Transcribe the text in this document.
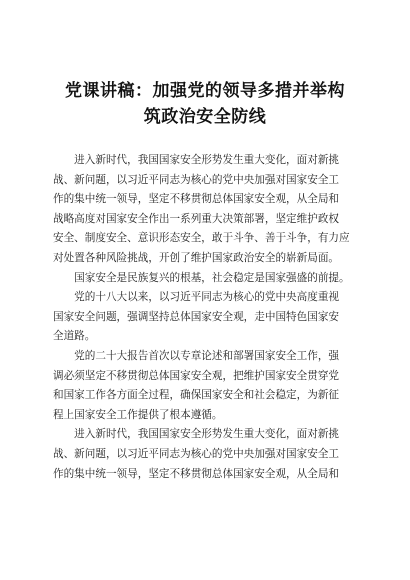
党课讲稿：加强党的领导多措并举构
筑政治安全防线

　　进入新时代，我国国家安全形势发生重大变化，面对新挑
战、新问题，以习近平同志为核心的党中央加强对国家安全工
作的集中统一领导，坚定不移贯彻总体国家安全观，从全局和
战略高度对国家安全作出一系列重大决策部署，坚定维护政权
安全、制度安全、意识形态安全，敢于斗争、善于斗争，有力应
对处置各种风险挑战，开创了维护国家政治安全的崭新局面。

　　国家安全是民族复兴的根基，社会稳定是国家强盛的前提。

　　党的十八大以来，以习近平同志为核心的党中央高度重视
国家安全问题，强调坚持总体国家安全观，走中国特色国家安
全道路。

　　党的二十大报告首次以专章论述和部署国家安全工作，强
调必须坚定不移贯彻总体国家安全观，把维护国家安全贯穿党
和国家工作各方面全过程，确保国家安全和社会稳定，为新征
程上国家安全工作提供了根本遵循。

　　进入新时代，我国国家安全形势发生重大变化，面对新挑
战、新问题，以习近平同志为核心的党中央加强对国家安全工
作的集中统一领导，坚定不移贯彻总体国家安全观，从全局和
